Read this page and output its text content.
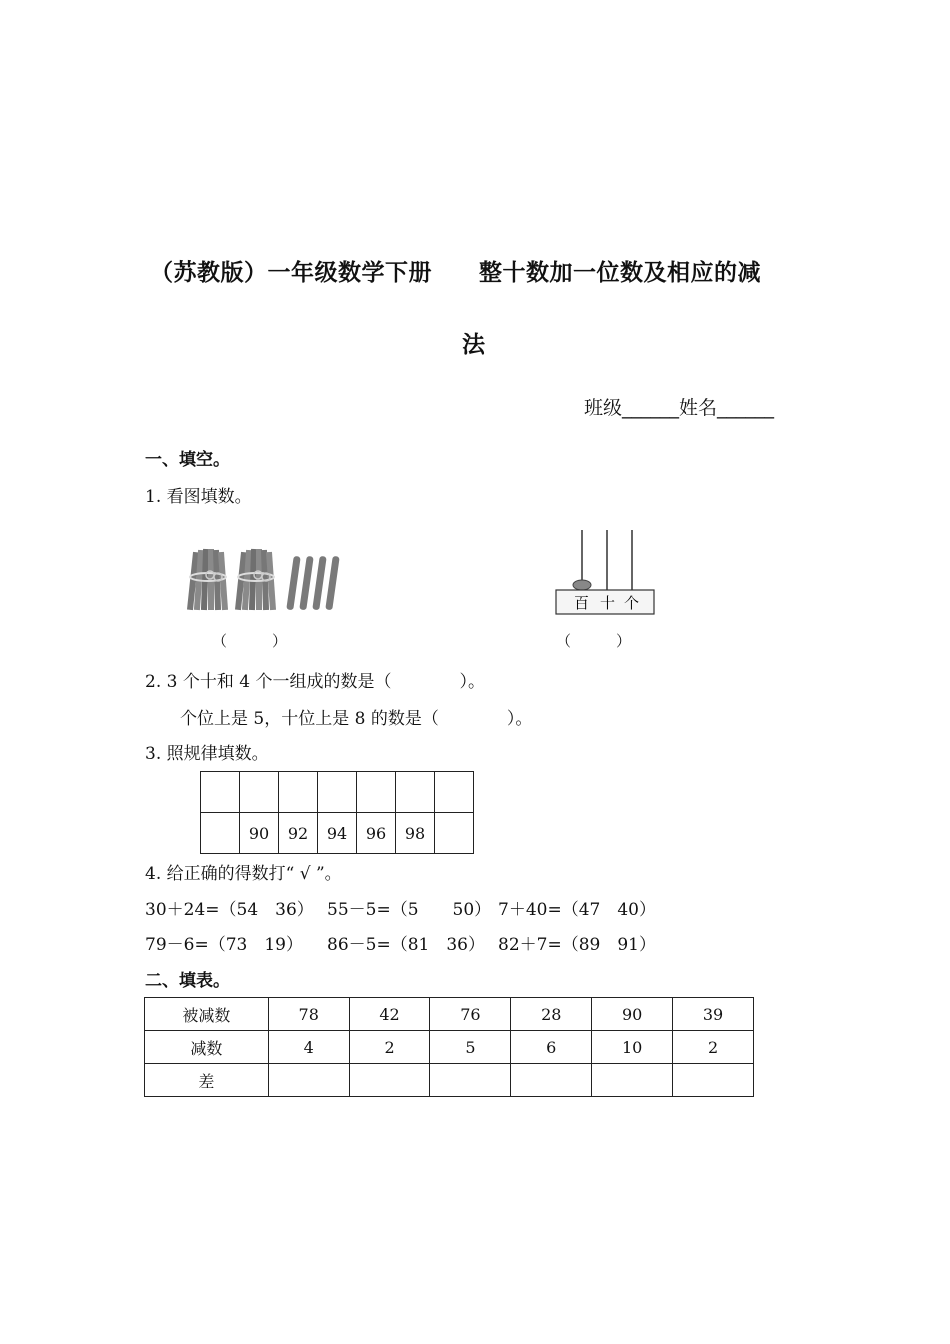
（苏教版）一年级数学下册　　整十数加一位数及相应的减
法
班级______姓名______
一、填空。
1. 看图填数。
百 十 个
（　　　）	（　　　）
2. 3 个十和 4 个一组成的数是（　　　　）。
个位上是 5，十位上是 8 的数是（　　　　）。
3. 照规律填数。

	90	92	94	96	98	
4. 给正确的得数打“ √ ”。
30＋24=（54　36） 55－5=（5　　50） 7＋40=（47　40）
79－6=（73　19） 86－5=（81　36） 82＋7=（89　91）
二、填表。
被减数	78	42	76	28	90	39
减数	4	2	5	6	10	2
差						
